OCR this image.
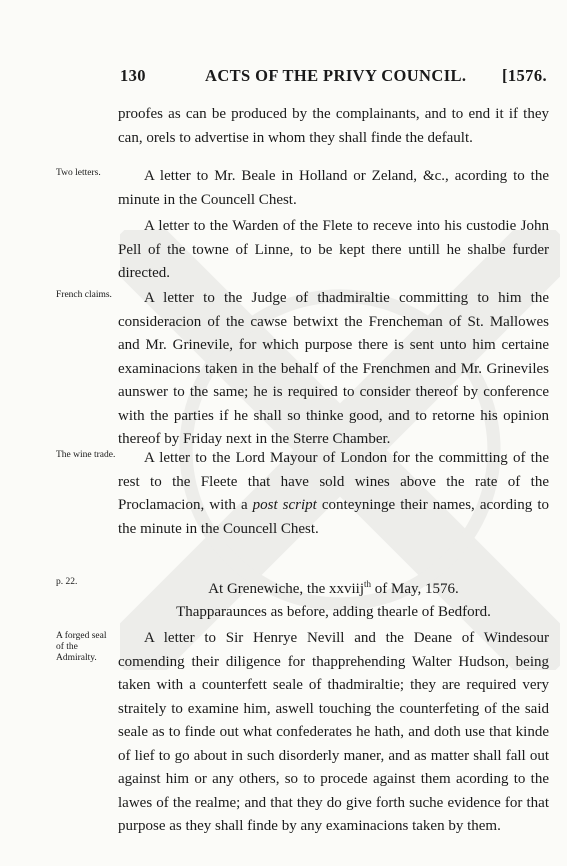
130	ACTS OF THE PRIVY COUNCIL. [1576.
proofes as can be produced by the complainants, and to end it if they can, orels to advertise in whom they shall finde the default.
Two letters.	A letter to Mr. Beale in Holland or Zeland, &c., acording to the minute in the Councell Chest.
A letter to the Warden of the Flete to receve into his custodie John Pell of the towne of Linne, to be kept there untill he shalbe furder directed.
French claims.	A letter to the Judge of thadmiraltie committing to him the consideracion of the cawse betwixt the Frencheman of St. Mallowes and Mr. Grinevile, for which purpose there is sent unto him certaine examinacions taken in the behalf of the Frenchmen and Mr. Grineviles aunswer to the same; he is required to consider thereof by conference with the parties if he shall so thinke good, and to retorne his opinion thereof by Friday next in the Sterre Chamber.
The wine trade.	A letter to the Lord Mayour of London for the committing of the rest to the Fleete that have sold wines above the rate of the Proclamacion, with a post script conteyninge their names, acording to the minute in the Councell Chest.
p. 22.	At Grenewiche, the xxviij$^{th}$ of May, 1576.
Thapparaunces as before, adding thearle of Bedford.
A forged seal of the Admiralty.
A letter to Sir Henrye Nevill and the Deane of Windesour comending their diligence for thapprehending Walter Hudson, being taken with a counterfett seale of thadmiraltie; they are required very straitely to examine him, aswell touching the counterfeting of the said seale as to finde out what confederates he hath, and doth use that kinde of lief to go about in such disorderly maner, and as matter shall fall out against him or any others, so to procede against them acording to the lawes of the realme; and that they do give forth suche evidence for that purpose as they shall finde by any examinacions taken by them.
